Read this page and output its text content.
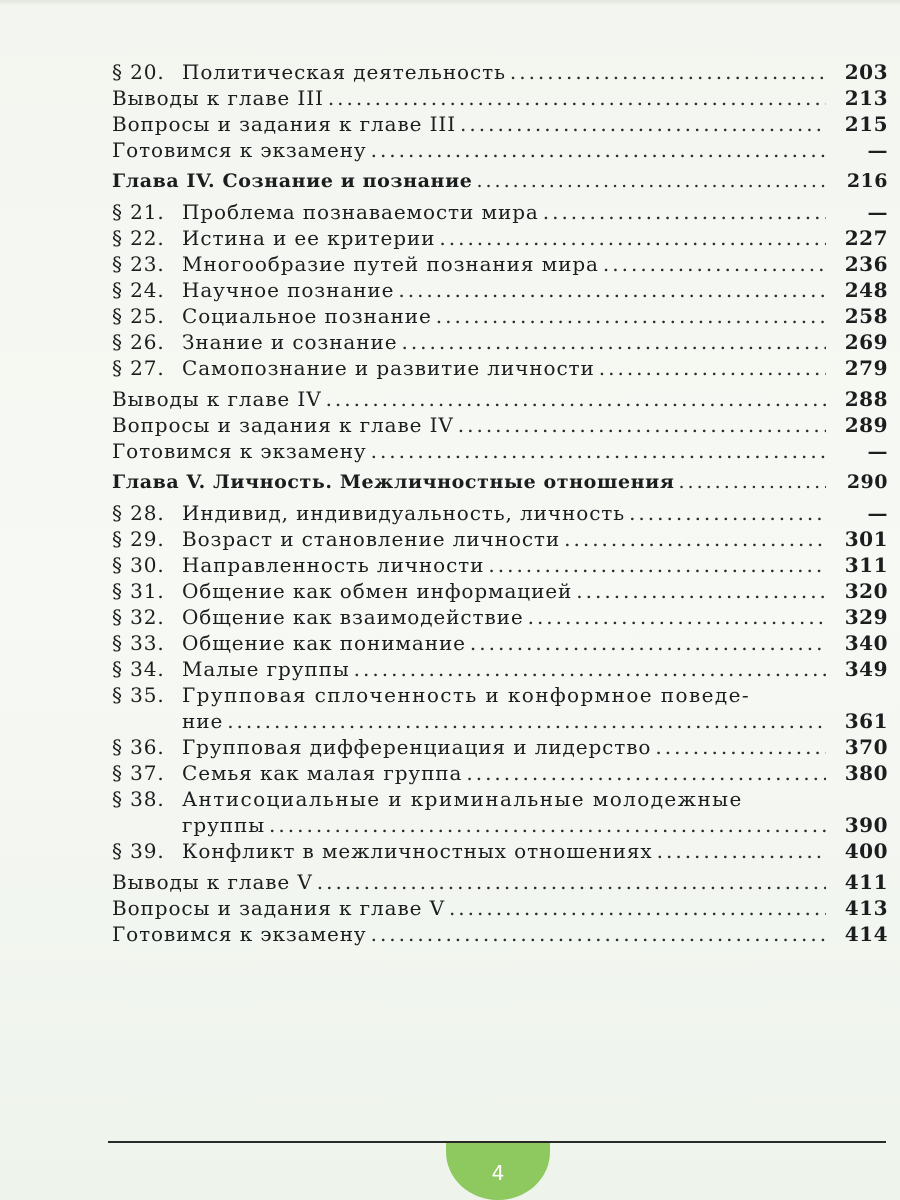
§ 20. Политическая деятельность .....	203
Выводы к главе III .....	213
Вопросы и задания к главе III .....	215
Готовимся к экзамену .....	—
Глава IV. Сознание и познание .....	216
§ 21. Проблема познаваемости мира .....	—
§ 22. Истина и ее критерии .....	227
§ 23. Многообразие путей познания мира .....	236
§ 24. Научное познание .....	248
§ 25. Социальное познание .....	258
§ 26. Знание и сознание .....	269
§ 27. Самопознание и развитие личности .....	279
Выводы к главе IV .....	288
Вопросы и задания к главе IV .....	289
Готовимся к экзамену .....	—
Глава V. Личность. Межличностные отношения .....	290
§ 28. Индивид, индивидуальность, личность .....	—
§ 29. Возраст и становление личности .....	301
§ 30. Направленность личности .....	311
§ 31. Общение как обмен информацией .....	320
§ 32. Общение как взаимодействие .....	329
§ 33. Общение как понимание .....	340
§ 34. Малые группы .....	349
§ 35. Групповая сплоченность и конформное поведе-
ние .....	361
§ 36. Групповая дифференциация и лидерство .....	370
§ 37. Семья как малая группа .....	380
§ 38. Антисоциальные и криминальные молодежные
группы .....	390
§ 39. Конфликт в межличностных отношениях .....	400
Выводы к главе V .....	411
Вопросы и задания к главе V .....	413
Готовимся к экзамену .....	414
4
